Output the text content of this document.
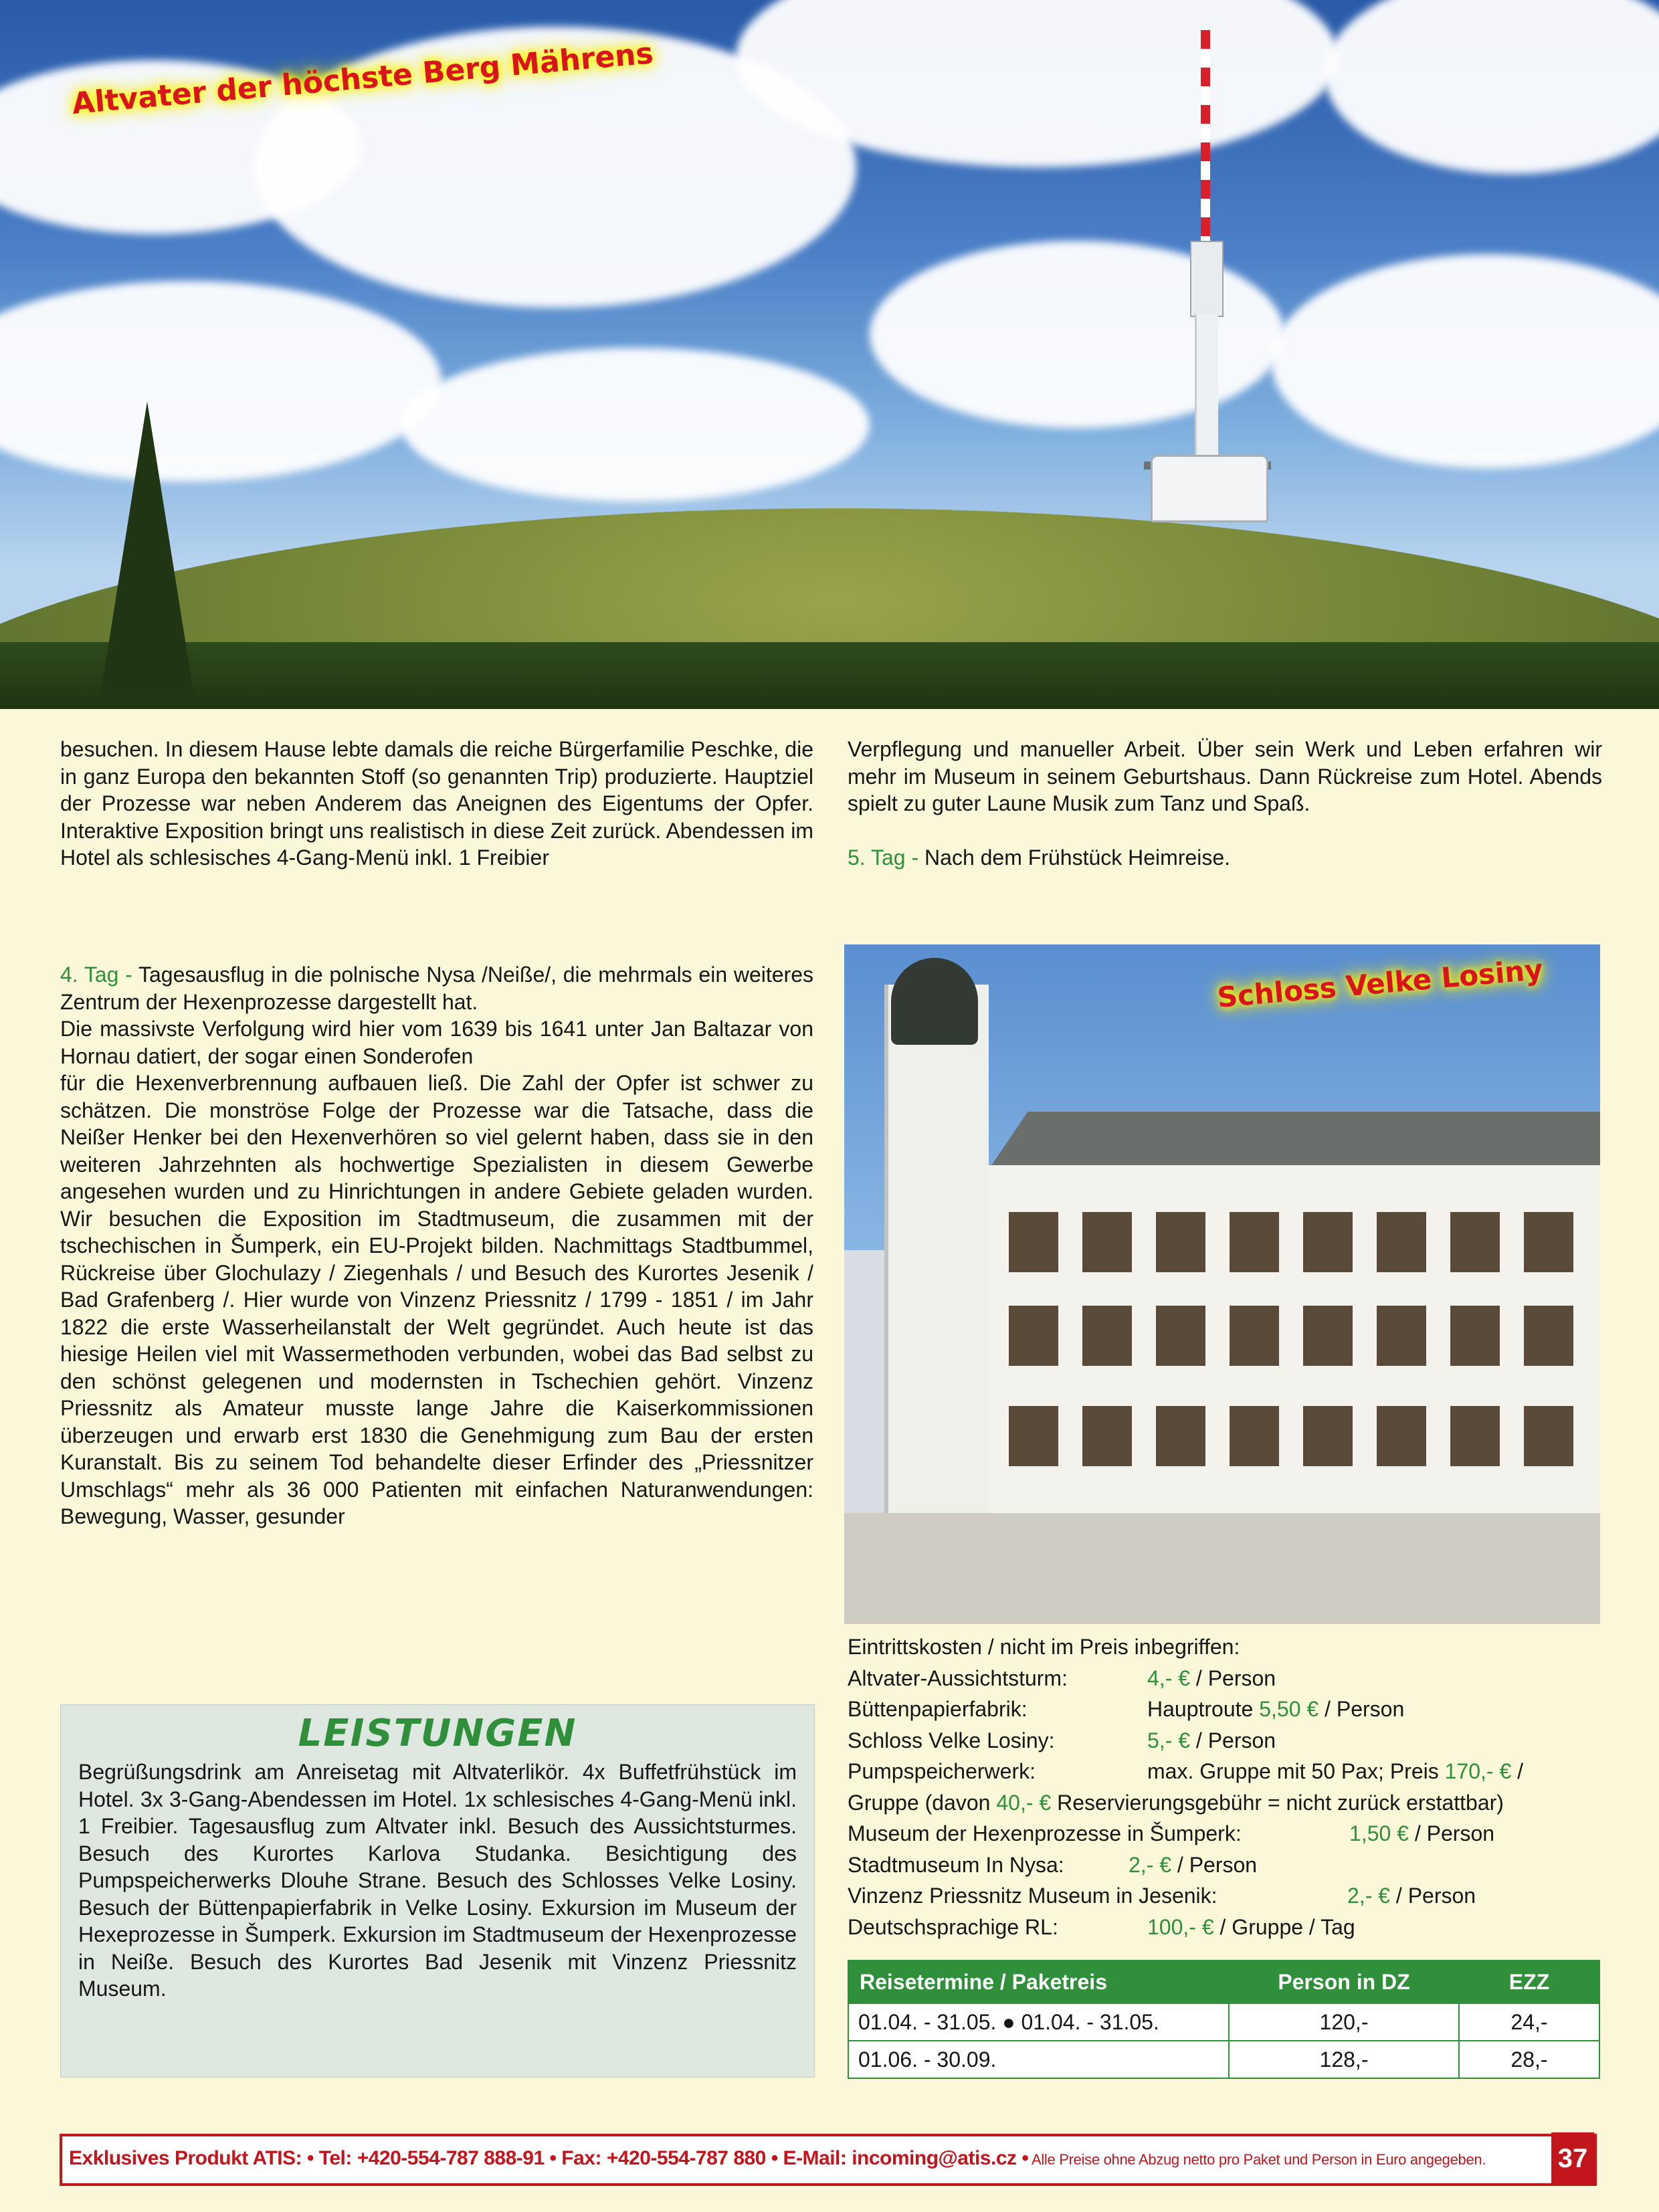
Altvater der höchste Berg Mährens

besuchen. In diesem Hause lebte damals die reiche Bürgerfamilie Peschke, die in ganz Europa den bekannten Stoff (so genannten Trip) produzierte. Hauptziel der Prozesse war neben Anderem das Aneignen des Eigentums der Opfer. Interaktive Exposition bringt uns realistisch in diese Zeit zurück. Abendessen im Hotel als schlesisches 4-Gang-Menü inkl. 1 Freibier

4. Tag - Tagesausflug in die polnische Nysa /Neiße/, die mehrmals ein weiteres Zentrum der Hexenprozesse dargestellt hat.

Die massivste Verfolgung wird hier vom 1639 bis 1641 unter Jan Baltazar von Hornau datiert, der sogar einen Sonderofen

für die Hexenverbrennung aufbauen ließ. Die Zahl der Opfer ist schwer zu schätzen. Die monströse Folge der Prozesse war die Tatsache, dass die Neißer Henker bei den Hexenverhören so viel gelernt haben, dass sie in den weiteren Jahrzehnten als hochwertige Spezialisten in diesem Gewerbe angesehen wurden und zu Hinrichtungen in andere Gebiete geladen wurden. Wir besuchen die Exposition im Stadtmuseum, die zusammen mit der tschechischen in Šumperk, ein EU-Projekt bilden. Nachmittags Stadtbummel, Rückreise über Glochulazy / Ziegenhals / und Besuch des Kurortes Jesenik / Bad Grafenberg /. Hier wurde von Vinzenz Priessnitz / 1799 - 1851 / im Jahr 1822 die erste Wasserheilanstalt der Welt gegründet. Auch heute ist das hiesige Heilen viel mit Wassermethoden verbunden, wobei das Bad selbst zu den schönst gelegenen und modernsten in Tschechien gehört. Vinzenz Priessnitz als Amateur musste lange Jahre die Kaiserkommissionen überzeugen und erwarb erst 1830 die Genehmigung zum Bau der ersten Kuranstalt. Bis zu seinem Tod behandelte dieser Erfinder des „Priessnitzer Umschlags“ mehr als 36 000 Patienten mit einfachen Naturanwendungen: Bewegung, Wasser, gesunder

Verpflegung und manueller Arbeit. Über sein Werk und Leben erfahren wir mehr im Museum in seinem Geburtshaus. Dann Rückreise zum Hotel. Abends spielt zu guter Laune Musik zum Tanz und Spaß.

5. Tag - Nach dem Frühstück Heimreise.

Schloss Velke Losiny
LEISTUNGEN
Begrüßungsdrink am Anreisetag mit Altvaterlikör. 4x Buffetfrühstück im Hotel. 3x 3-Gang-Abendessen im Hotel. 1x schlesisches 4-Gang-Menü inkl. 1 Freibier. Tagesausflug zum Altvater inkl. Besuch des Aussichtsturmes. Besuch des Kurortes Karlova Studanka. Besichtigung des Pumpspeicherwerks Dlouhe Strane. Besuch des Schlosses Velke Losiny. Besuch der Büttenpapierfabrik in Velke Losiny. Exkursion im Museum der Hexeprozesse in Šumperk. Exkursion im Stadtmuseum der Hexenprozesse in Neiße. Besuch des Kurortes Bad Jesenik mit Vinzenz Priessnitz Museum.
Eintrittskosten / nicht im Preis inbegriffen:
Altvater-Aussichtsturm:	4,- € / Person
Büttenpapierfabrik:	Hauptroute 5,50 € / Person
Schloss Velke Losiny:	5,- € / Person
Pumpspeicherwerk:	max. Gruppe mit 50 Pax; Preis 170,- € /
Gruppe (davon 40,- € Reservierungsgebühr = nicht zurück erstattbar)
Museum der Hexenprozesse in Šumperk:	1,50 € / Person
Stadtmuseum In Nysa:	2,- € / Person
Vinzenz Priessnitz Museum in Jesenik:	2,- € / Person
Deutschsprachige RL:	100,- € / Gruppe / Tag
Reisetermine / Paketreis	Person in DZ	EZZ
01.04. - 31.05. ● 01.04. - 31.05.	120,-	24,-
01.06. - 30.09.	128,-	28,-
Exklusives Produkt ATIS: • Tel: +420-554-787 888-91 • Fax: +420-554-787 880 • E-Mail: incoming@atis.cz • Alle Preise ohne Abzug netto pro Paket und Person in Euro angegeben.	37
